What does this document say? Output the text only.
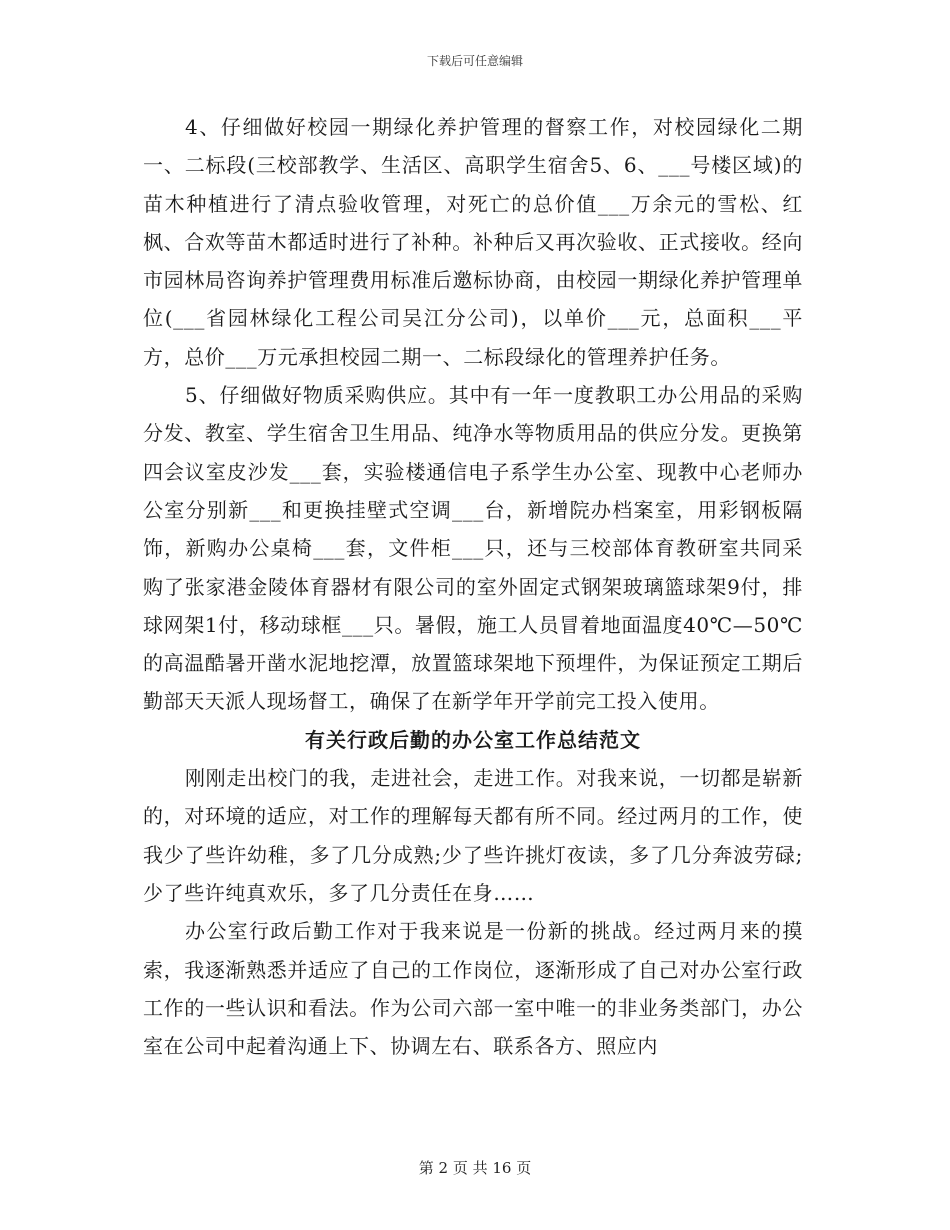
下载后可任意编辑

4、仔细做好校园一期绿化养护管理的督察工作，对校园绿化二期一、二标段(三校部教学、生活区、高职学生宿舍5、6、___号楼区域)的苗木种植进行了清点验收管理，对死亡的总价值___万余元的雪松、红枫、合欢等苗木都适时进行了补种。补种后又再次验收、正式接收。经向市园林局咨询养护管理费用标准后邀标协商，由校园一期绿化养护管理单位(___省园林绿化工程公司吴江分公司)，以单价___元，总面积___平方，总价___万元承担校园二期一、二标段绿化的管理养护任务。

5、仔细做好物质采购供应。其中有一年一度教职工办公用品的采购分发、教室、学生宿舍卫生用品、纯净水等物质用品的供应分发。更换第四会议室皮沙发___套，实验楼通信电子系学生办公室、现教中心老师办公室分别新___和更换挂壁式空调___台，新增院办档案室，用彩钢板隔饰，新购办公桌椅___套，文件柜___只，还与三校部体育教研室共同采购了张家港金陵体育器材有限公司的室外固定式钢架玻璃篮球架9付，排球网架1付，移动球框___只。暑假，施工人员冒着地面温度40℃—50℃的高温酷暑开凿水泥地挖潭，放置篮球架地下预埋件，为保证预定工期后勤部天天派人现场督工，确保了在新学年开学前完工投入使用。

有关行政后勤的办公室工作总结范文

刚刚走出校门的我，走进社会，走进工作。对我来说，一切都是崭新的，对环境的适应，对工作的理解每天都有所不同。经过两月的工作，使我少了些许幼稚，多了几分成熟;少了些许挑灯夜读，多了几分奔波劳碌;少了些许纯真欢乐，多了几分责任在身……

办公室行政后勤工作对于我来说是一份新的挑战。经过两月来的摸索，我逐渐熟悉并适应了自己的工作岗位，逐渐形成了自己对办公室行政工作的一些认识和看法。作为公司六部一室中唯一的非业务类部门，办公室在公司中起着沟通上下、协调左右、联系各方、照应内

第 2 页 共 16 页
